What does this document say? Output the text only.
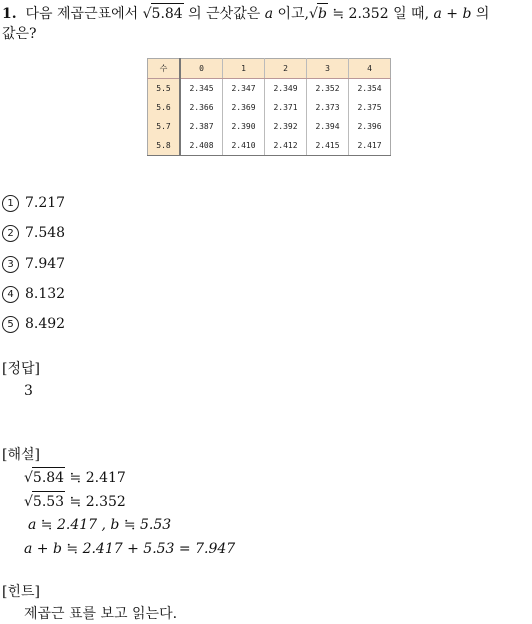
1. 다음 제곱근표에서 √5.84 의 근삿값은 a 이고,√b ≒ 2.352 일 때, a + b 의
값은?
수	0	1	2	3	4
5.5	2.345	2.347	2.349	2.352	2.354
5.6	2.366	2.369	2.371	2.373	2.375
5.7	2.387	2.390	2.392	2.394	2.396
5.8	2.408	2.410	2.412	2.415	2.417
1 7.217
2 7.548
3 7.947
4 8.132
5 8.492
[정답]
3
[해설]
√5.84 ≒ 2.417
√5.53 ≒ 2.352
a ≒ 2.417 , b ≒ 5.53
a + b ≒ 2.417 + 5.53 = 7.947
[힌트]
제곱근 표를 보고 읽는다.
